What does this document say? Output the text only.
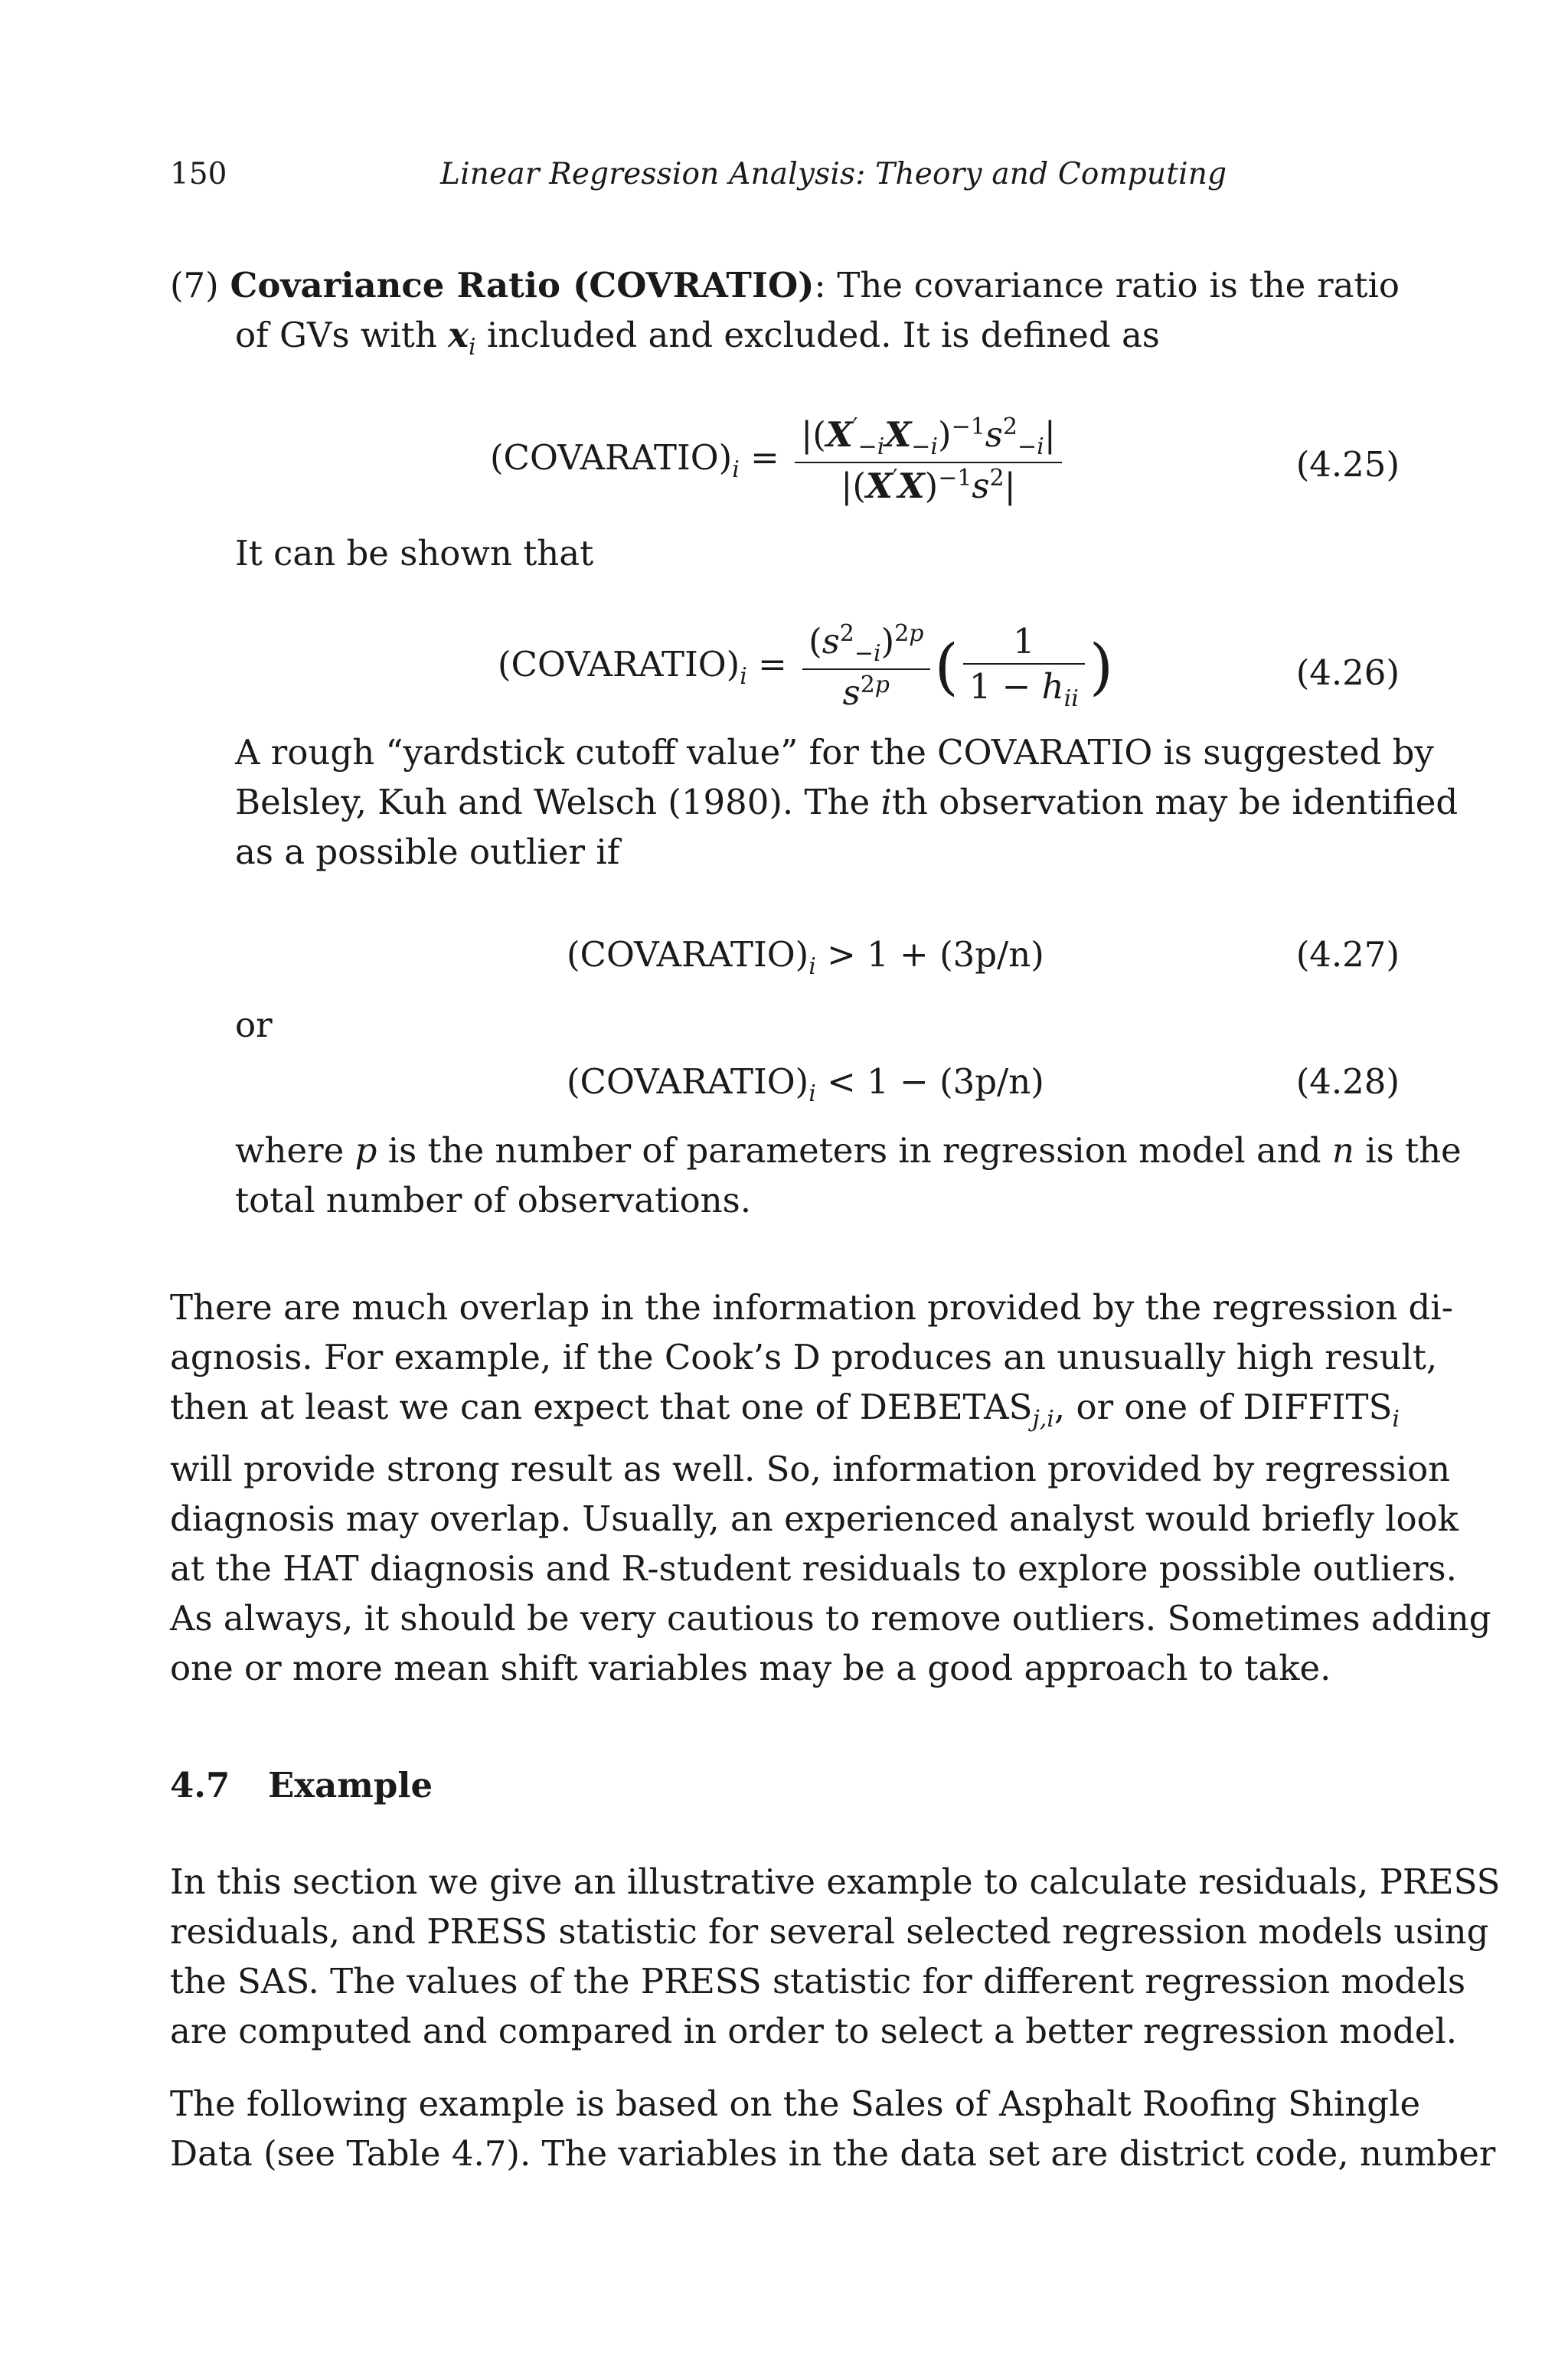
150	Linear Regression Analysis: Theory and Computing
(7) Covariance Ratio (COVRATIO): The covariance ratio is the ratio
of GVs with $x_i$ included and excluded. It is defined as
$(COVARATIO)_i = \frac{|(X'_{-i}X_{-i})^{-1}s^2_{-i}|}{|(X'X)^{-1}s^2|}$	(4.25)
It can be shown that
$(COVARATIO)_i = \frac{(s^2_{-i})^{2p}}{s^{2p}}$ ( $\frac{1}{1 - h_{ii}}$ )	(4.26)
A rough “yardstick cutoff value” for the COVARATIO is suggested by
Belsley, Kuh and Welsch (1980). The ith observation may be identified
as a possible outlier if
$(COVARATIO)_i > 1 + (3p/n)$	(4.27)
or
$(COVARATIO)_i < 1 - (3p/n)$	(4.28)
where p is the number of parameters in regression model and n is the
total number of observations.
There are much overlap in the information provided by the regression di-
agnosis. For example, if the Cook’s D produces an unusually high result,
then at least we can expect that one of $DEBETAS_{j,i}$, or one of $DIFFITS_i$
will provide strong result as well. So, information provided by regression
diagnosis may overlap. Usually, an experienced analyst would briefly look
at the HAT diagnosis and R-student residuals to explore possible outliers.
As always, it should be very cautious to remove outliers. Sometimes adding
one or more mean shift variables may be a good approach to take.
4.7 Example
In this section we give an illustrative example to calculate residuals, PRESS
residuals, and PRESS statistic for several selected regression models using
the SAS. The values of the PRESS statistic for different regression models
are computed and compared in order to select a better regression model.
The following example is based on the Sales of Asphalt Roofing Shingle
Data (see Table 4.7). The variables in the data set are district code, number
